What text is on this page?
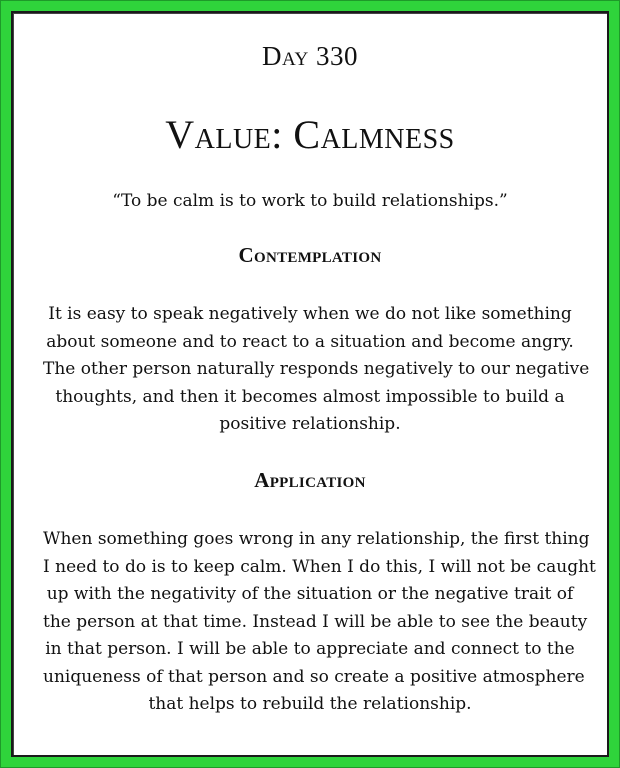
Day 330
Value: Calmness
“To be calm is to work to build relationships.”
Contemplation
It is easy to speak negatively when we do not like something
about someone and to react to a situation and become angry.
The other person naturally responds negatively to our negative
thoughts, and then it becomes almost impossible to build a
positive relationship.
Application
When something goes wrong in any relationship, the first thing
I need to do is to keep calm. When I do this, I will not be caught
up with the negativity of the situation or the negative trait of
the person at that time. Instead I will be able to see the beauty
in that person. I will be able to appreciate and connect to the
uniqueness of that person and so create a positive atmosphere
that helps to rebuild the relationship.
